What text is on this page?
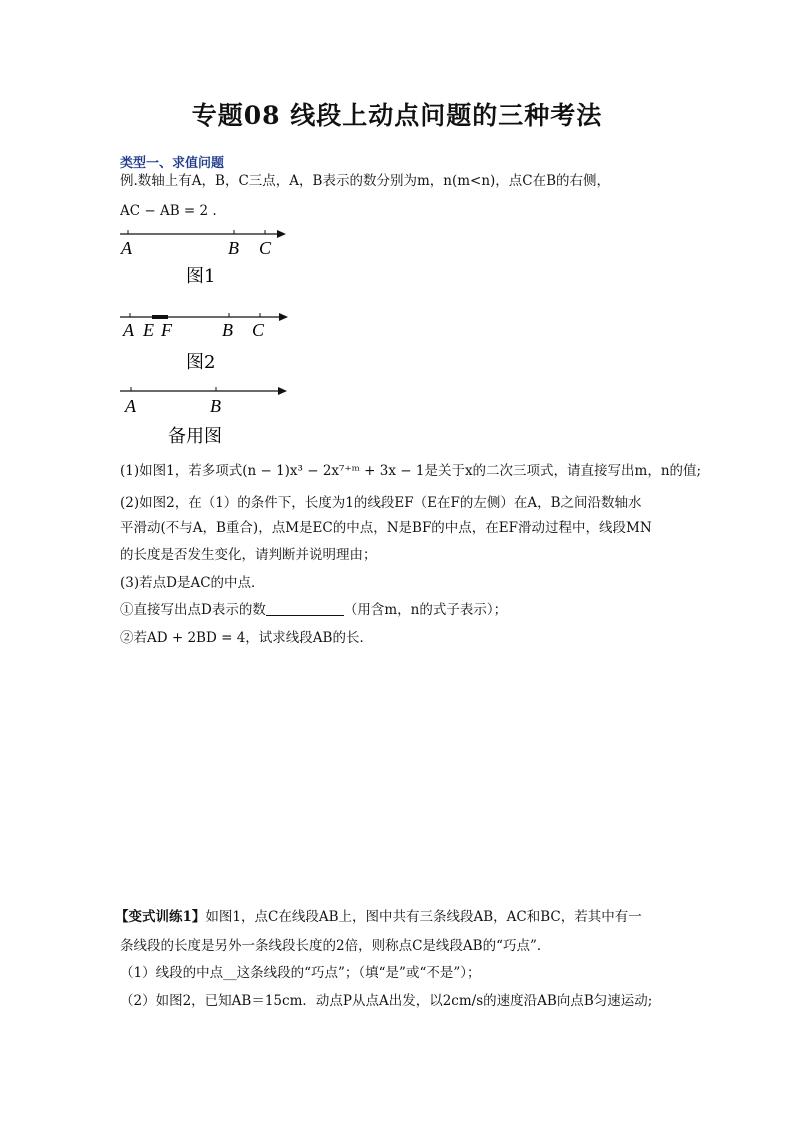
专题08 线段上动点问题的三种考法
类型一、求值问题
例.数轴上有A，B，C三点，A，B表示的数分别为m，n(m<n)，点C在B的右侧，
AC − AB = 2 .
A	B C
图1
A E F	B C
图2
A	B
备用图
(1)如图1，若多项式(n − 1)x³ − 2x⁷⁺ᵐ + 3x − 1是关于x的二次三项式，请直接写出m，n的值;
(2)如图2，在（1）的条件下，长度为1的线段EF（E在F的左侧）在A，B之间沿数轴水
平滑动(不与A，B重合)，点M是EC的中点，N是BF的中点，在EF滑动过程中，线段MN
的长度是否发生变化，请判断并说明理由；
(3)若点D是AC的中点．
①直接写出点D表示的数	（用含m，n的式子表示）；
②若AD + 2BD = 4，试求线段AB的长．
【变式训练1】如图1，点C在线段AB上，图中共有三条线段AB，AC和BC，若其中有一
条线段的长度是另外一条线段长度的2倍，则称点C是线段AB的“巧点”．
（1）线段的中点__这条线段的“巧点”；（填“是”或“不是”）；
（2）如图2，已知AB＝15cm．动点P从点A出发，以2cm/s的速度沿AB向点B匀速运动;
